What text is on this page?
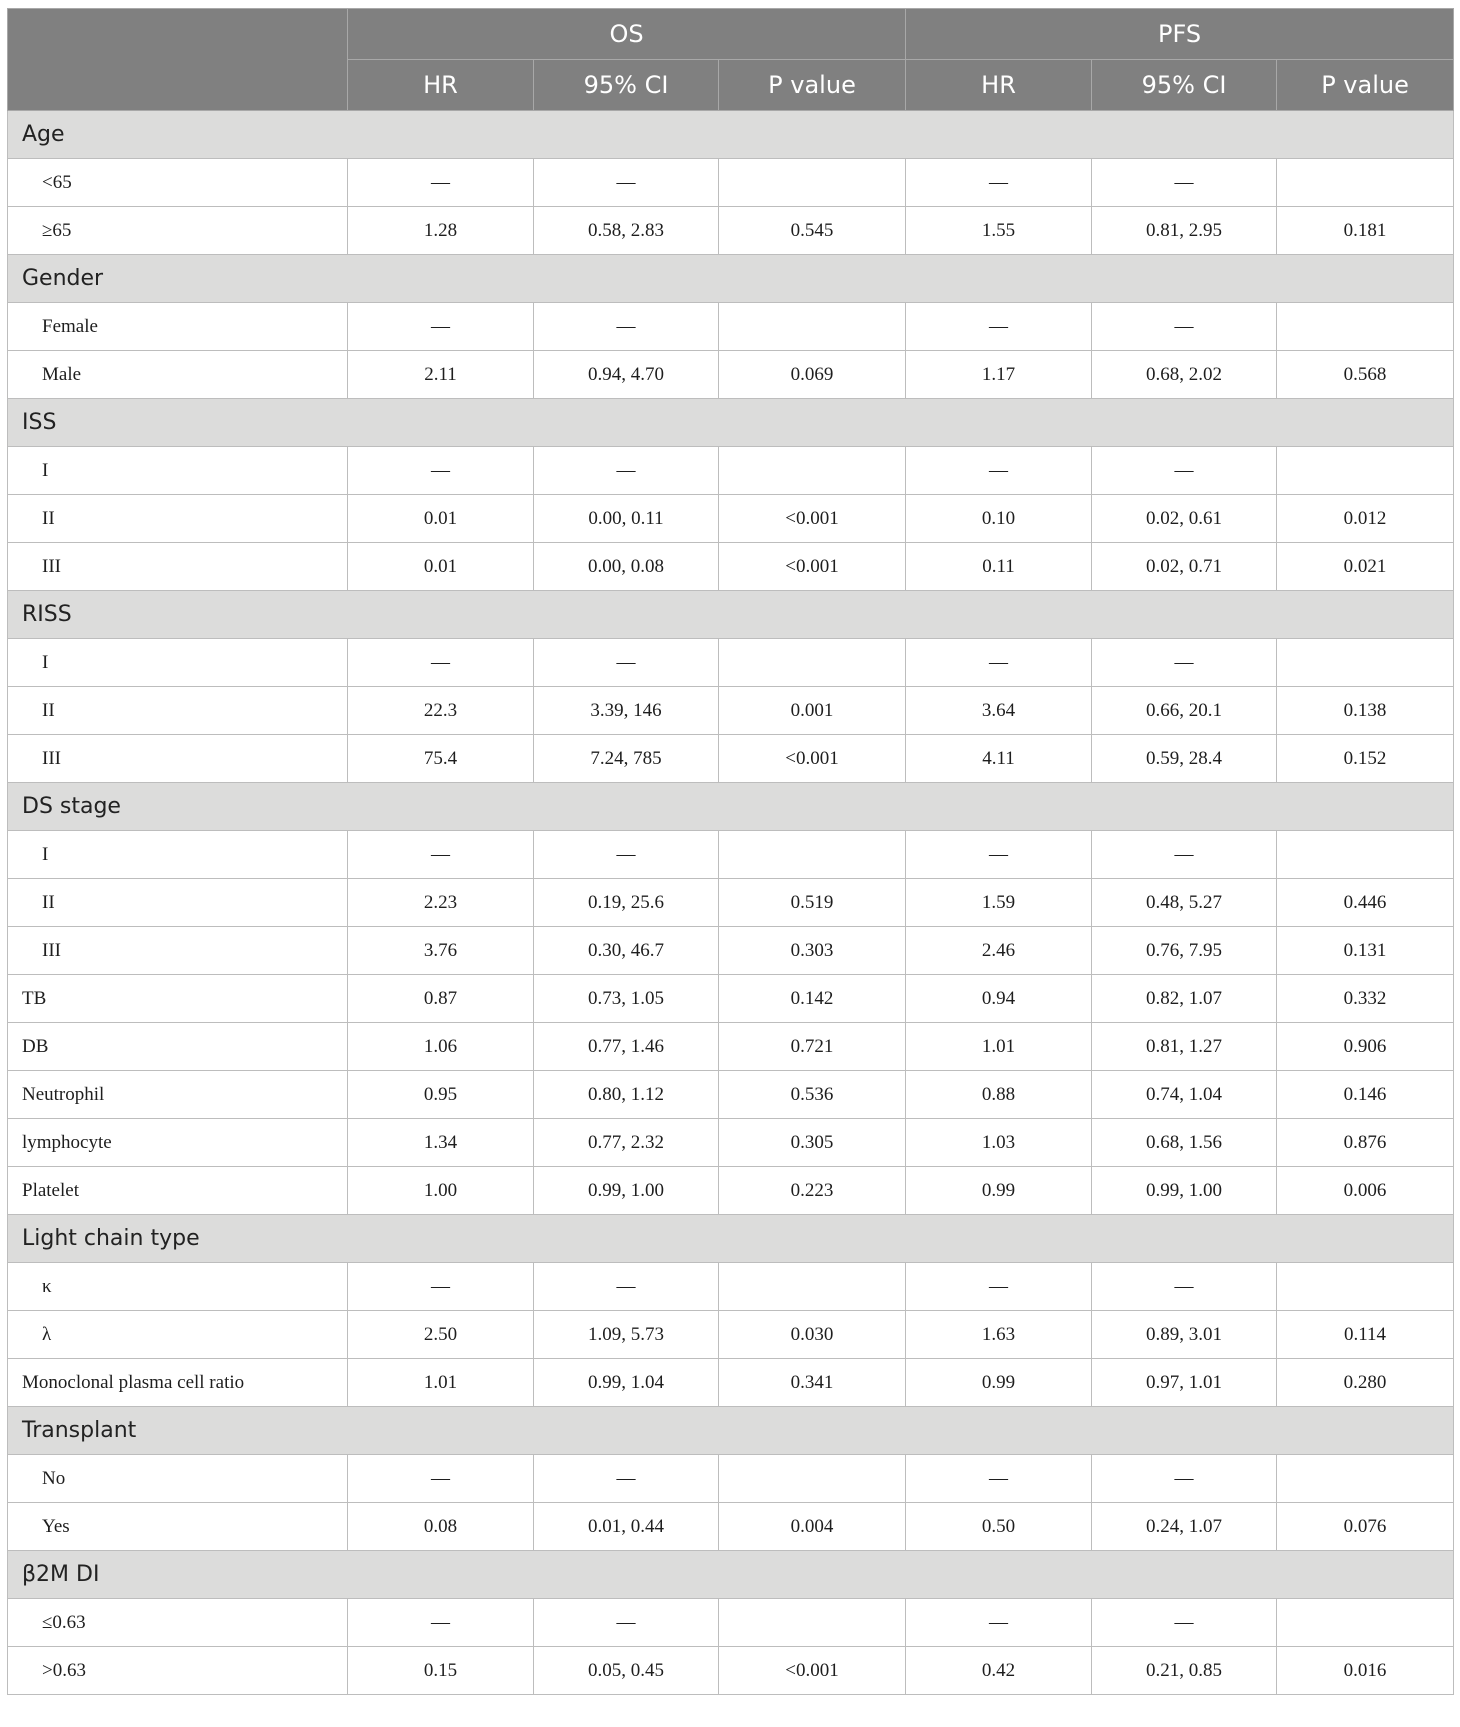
	OS			PFS		
	HR	95% CI	P value	HR	95% CI	P value
Age						
<65	—	—		—	—	
≥65	1.28	0.58, 2.83	0.545	1.55	0.81, 2.95	0.181
Gender						
Female	—	—		—	—	
Male	2.11	0.94, 4.70	0.069	1.17	0.68, 2.02	0.568
ISS						
I	—	—		—	—	
II	0.01	0.00, 0.11	<0.001	0.10	0.02, 0.61	0.012
III	0.01	0.00, 0.08	<0.001	0.11	0.02, 0.71	0.021
RISS						
I	—	—		—	—	
II	22.3	3.39, 146	0.001	3.64	0.66, 20.1	0.138
III	75.4	7.24, 785	<0.001	4.11	0.59, 28.4	0.152
DS stage						
I	—	—		—	—	
II	2.23	0.19, 25.6	0.519	1.59	0.48, 5.27	0.446
III	3.76	0.30, 46.7	0.303	2.46	0.76, 7.95	0.131
TB	0.87	0.73, 1.05	0.142	0.94	0.82, 1.07	0.332
DB	1.06	0.77, 1.46	0.721	1.01	0.81, 1.27	0.906
Neutrophil	0.95	0.80, 1.12	0.536	0.88	0.74, 1.04	0.146
lymphocyte	1.34	0.77, 2.32	0.305	1.03	0.68, 1.56	0.876
Platelet	1.00	0.99, 1.00	0.223	0.99	0.99, 1.00	0.006
Light chain type						
κ	—	—		—	—	
λ	2.50	1.09, 5.73	0.030	1.63	0.89, 3.01	0.114
Monoclonal plasma cell ratio	1.01	0.99, 1.04	0.341	0.99	0.97, 1.01	0.280
Transplant						
No	—	—		—	—	
Yes	0.08	0.01, 0.44	0.004	0.50	0.24, 1.07	0.076
β2M DI						
≤0.63	—	—		—	—	
>0.63	0.15	0.05, 0.45	<0.001	0.42	0.21, 0.85	0.016
